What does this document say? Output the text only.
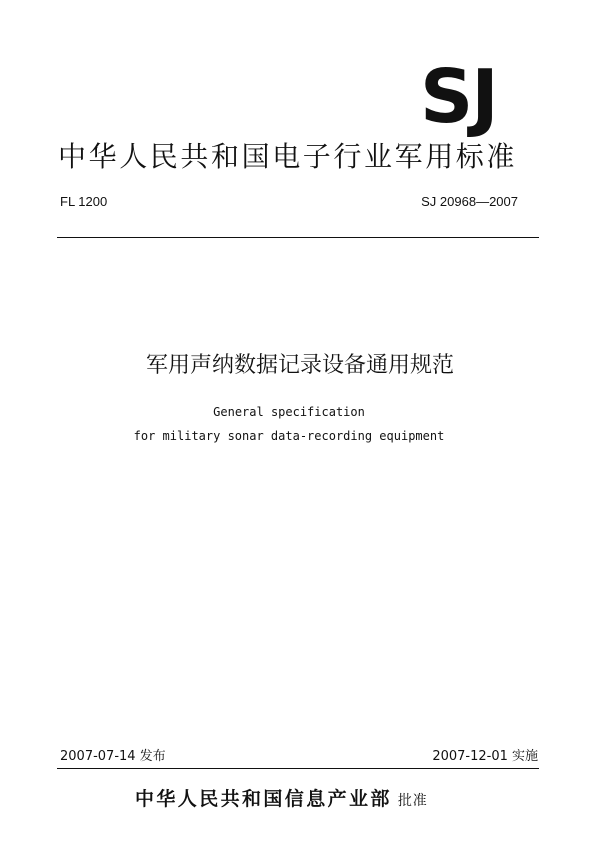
SJ
中华人民共和国电子行业军用标准
FL 1200	SJ 20968—2007
军用声纳数据记录设备通用规范
General specification
for military sonar data-recording equipment
2007-07-14 发布	2007-12-01 实施
中华人民共和国信息产业部 批准
